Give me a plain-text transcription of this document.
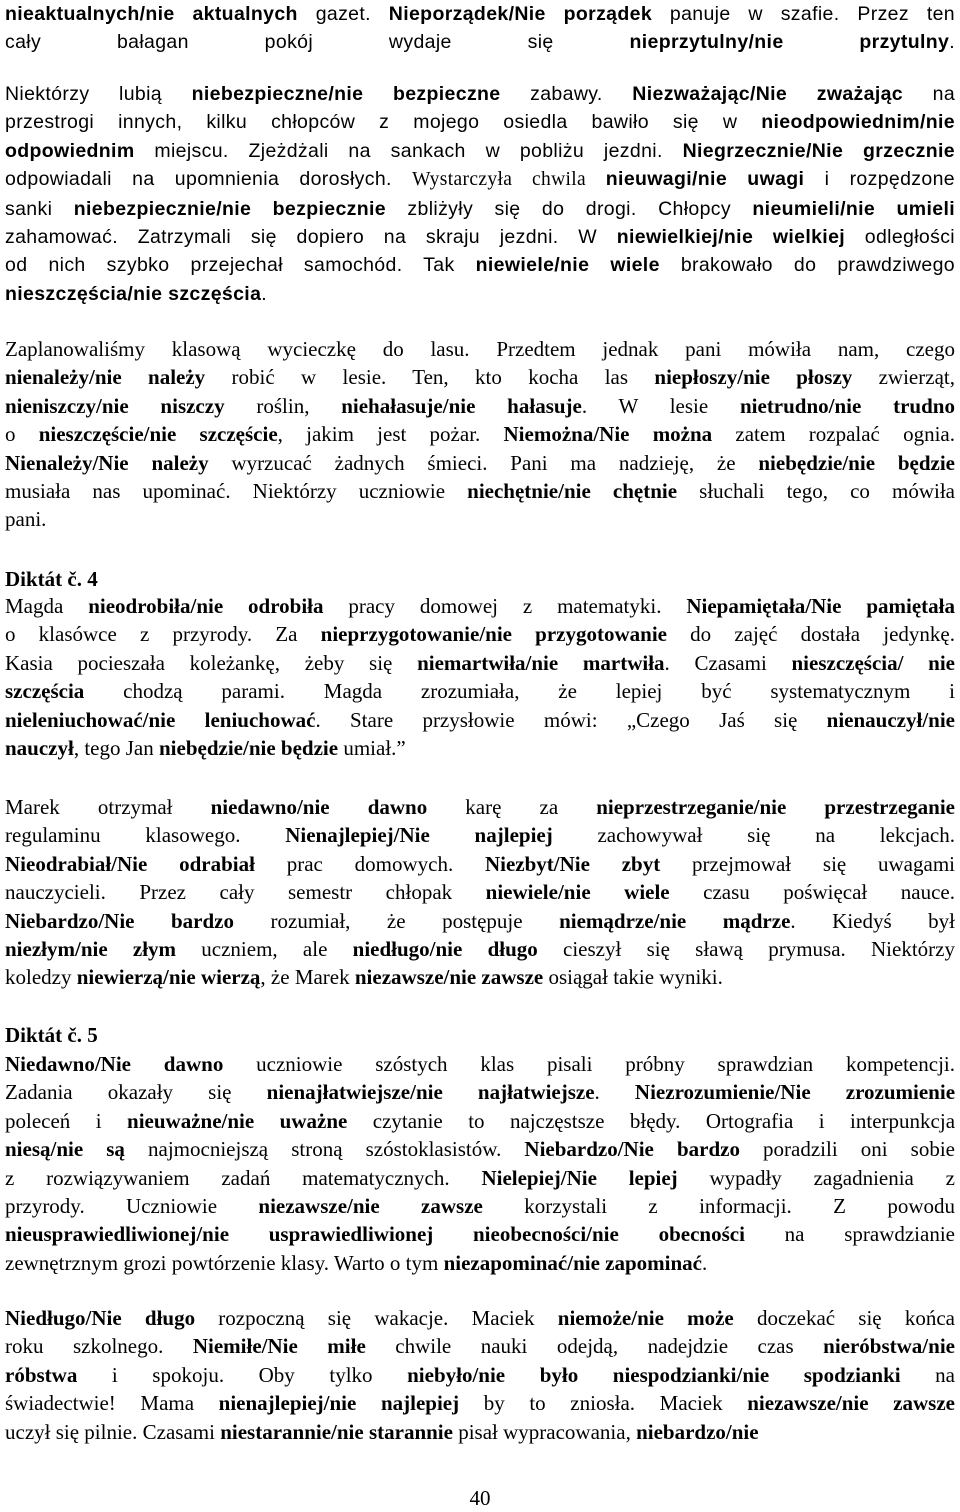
nieaktualnych/nie aktualnych gazet. Nieporządek/Nie porządek panuje w szafie. Przez ten
cały bałagan pokój wydaje się nieprzytulny/nie przytulny.
Niektórzy lubią niebezpieczne/nie bezpieczne zabawy. Niezważając/Nie zważając na
przestrogi innych, kilku chłopców z mojego osiedla bawiło się w nieodpowiednim/nie
odpowiednim miejscu. Zjeżdżali na sankach w pobliżu jezdni. Niegrzecznie/Nie grzecznie
odpowiadali na upomnienia dorosłych. Wystarczyła chwila nieuwagi/nie uwagi i rozpędzone
sanki niebezpiecznie/nie bezpiecznie zbliżyły się do drogi. Chłopcy nieumieli/nie umieli
zahamować. Zatrzymali się dopiero na skraju jezdni. W niewielkiej/nie wielkiej odległości
od nich szybko przejechał samochód. Tak niewiele/nie wiele brakowało do prawdziwego
nieszczęścia/nie szczęścia.
Zaplanowaliśmy klasową wycieczkę do lasu. Przedtem jednak pani mówiła nam, czego
nienależy/nie należy robić w lesie. Ten, kto kocha las niepłoszy/nie płoszy zwierząt,
nieniszczy/nie niszczy roślin, niehałasuje/nie hałasuje. W lesie nietrudno/nie trudno
o nieszczęście/nie szczęście, jakim jest pożar. Niemożna/Nie można zatem rozpalać ognia.
Nienależy/Nie należy wyrzucać żadnych śmieci. Pani ma nadzieję, że niebędzie/nie będzie
musiała nas upominać. Niektórzy uczniowie niechętnie/nie chętnie słuchali tego, co mówiła
pani.
Diktát č. 4
Magda nieodrobiła/nie odrobiła pracy domowej z matematyki. Niepamiętała/Nie pamiętała
o klasówce z przyrody. Za nieprzygotowanie/nie przygotowanie do zajęć dostała jedynkę.
Kasia pocieszała koleżankę, żeby się niemartwiła/nie martwiła. Czasami nieszczęścia/ nie
szczęścia chodzą parami. Magda zrozumiała, że lepiej być systematycznym i
nieleniuchować/nie leniuchować. Stare przysłowie mówi: „Czego Jaś się nienauczył/nie
nauczył, tego Jan niebędzie/nie będzie umiał.”
Marek otrzymał niedawno/nie dawno karę za nieprzestrzeganie/nie przestrzeganie
regulaminu klasowego. Nienajlepiej/Nie najlepiej zachowywał się na lekcjach.
Nieodrabiał/Nie odrabiał prac domowych. Niezbyt/Nie zbyt przejmował się uwagami
nauczycieli. Przez cały semestr chłopak niewiele/nie wiele czasu poświęcał nauce.
Niebardzo/Nie bardzo rozumiał, że postępuje niemądrze/nie mądrze. Kiedyś był
niezłym/nie złym uczniem, ale niedługo/nie długo cieszył się sławą prymusa. Niektórzy
koledzy niewierzą/nie wierzą, że Marek niezawsze/nie zawsze osiągał takie wyniki.
Diktát č. 5
Niedawno/Nie dawno uczniowie szóstych klas pisali próbny sprawdzian kompetencji.
Zadania okazały się nienajłatwiejsze/nie najłatwiejsze. Niezrozumienie/Nie zrozumienie
poleceń i nieuważne/nie uważne czytanie to najczęstsze błędy. Ortografia i interpunkcja
niesą/nie są najmocniejszą stroną szóstoklasistów. Niebardzo/Nie bardzo poradzili oni sobie
z rozwiązywaniem zadań matematycznych. Nielepiej/Nie lepiej wypadły zagadnienia z
przyrody. Uczniowie niezawsze/nie zawsze korzystali z informacji. Z powodu
nieusprawiedliwionej/nie usprawiedliwionej nieobecności/nie obecności na sprawdzianie
zewnętrznym grozi powtórzenie klasy. Warto o tym niezapominać/nie zapominać.
Niedługo/Nie długo rozpoczną się wakacje. Maciek niemoże/nie może doczekać się końca
roku szkolnego. Niemiłe/Nie miłe chwile nauki odejdą, nadejdzie czas nieróbstwa/nie
róbstwa i spokoju. Oby tylko niebyło/nie było niespodzianki/nie spodzianki na
świadectwie! Mama nienajlepiej/nie najlepiej by to zniosła. Maciek niezawsze/nie zawsze
uczył się pilnie. Czasami niestarannie/nie starannie pisał wypracowania, niebardzo/nie
40
